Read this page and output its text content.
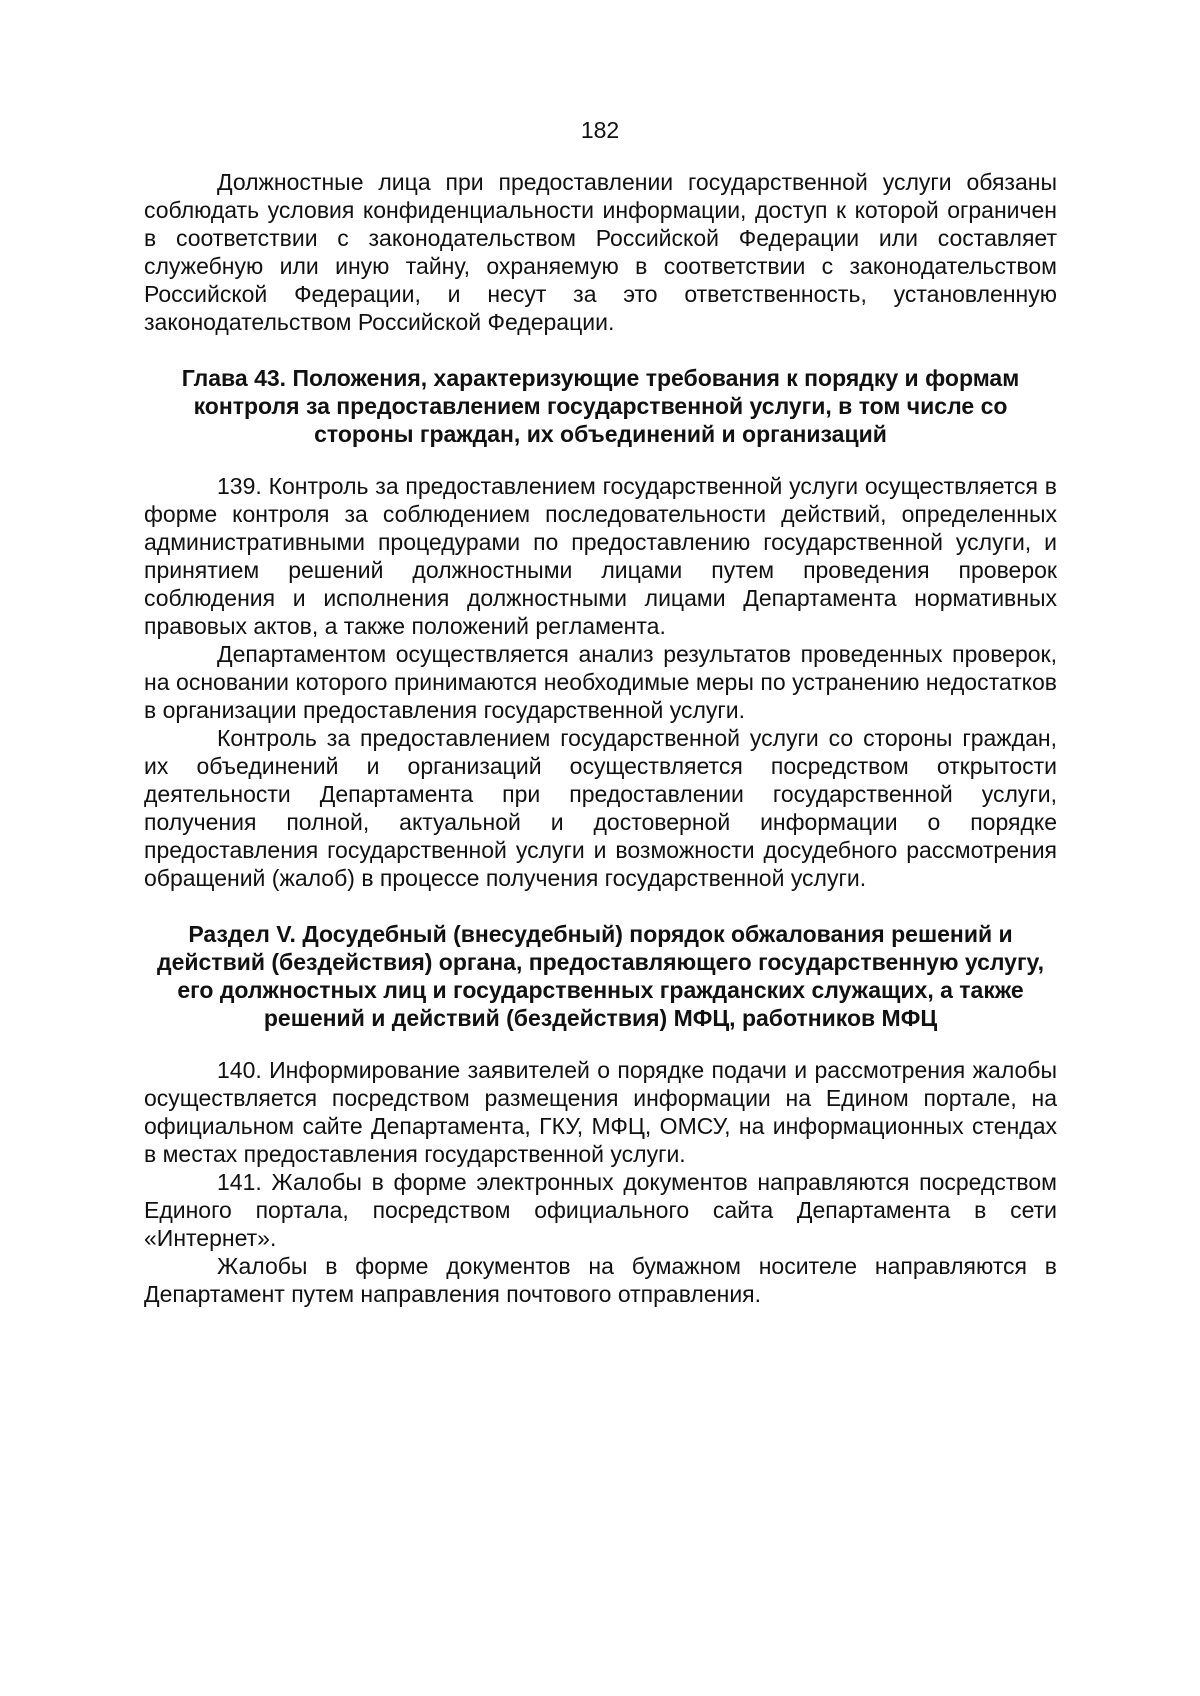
182

Должностные лица при предоставлении государственной услуги обязаны соблюдать условия конфиденциальности информации, доступ к которой ограничен в соответствии с законодательством Российской Федерации или составляет служебную или иную тайну, охраняемую в соответствии с законодательством Российской Федерации, и несут за это ответственность, установленную законодательством Российской Федерации.

Глава 43. Положения, характеризующие требования к порядку и формам контроля за предоставлением государственной услуги, в том числе со стороны граждан, их объединений и организаций

139. Контроль за предоставлением государственной услуги осуществляется в форме контроля за соблюдением последовательности действий, определенных административными процедурами по предоставлению государственной услуги, и принятием решений должностными лицами путем проведения проверок соблюдения и исполнения должностными лицами Департамента нормативных правовых актов, а также положений регламента.

Департаментом осуществляется анализ результатов проведенных проверок, на основании которого принимаются необходимые меры по устранению недостатков в организации предоставления государственной услуги.

Контроль за предоставлением государственной услуги со стороны граждан, их объединений и организаций осуществляется посредством открытости деятельности Департамента при предоставлении государственной услуги, получения полной, актуальной и достоверной информации о порядке предоставления государственной услуги и возможности досудебного рассмотрения обращений (жалоб) в процессе получения государственной услуги.

Раздел V. Досудебный (внесудебный) порядок обжалования решений и действий (бездействия) органа, предоставляющего государственную услугу, его должностных лиц и государственных гражданских служащих, а также решений и действий (бездействия) МФЦ, работников МФЦ

140. Информирование заявителей о порядке подачи и рассмотрения жалобы осуществляется посредством размещения информации на Едином портале, на официальном сайте Департамента, ГКУ, МФЦ, ОМСУ, на информационных стендах в местах предоставления государственной услуги.

141. Жалобы в форме электронных документов направляются посредством Единого портала, посредством официального сайта Департамента в сети «Интернет».

Жалобы в форме документов на бумажном носителе направляются в Департамент путем направления почтового отправления.
